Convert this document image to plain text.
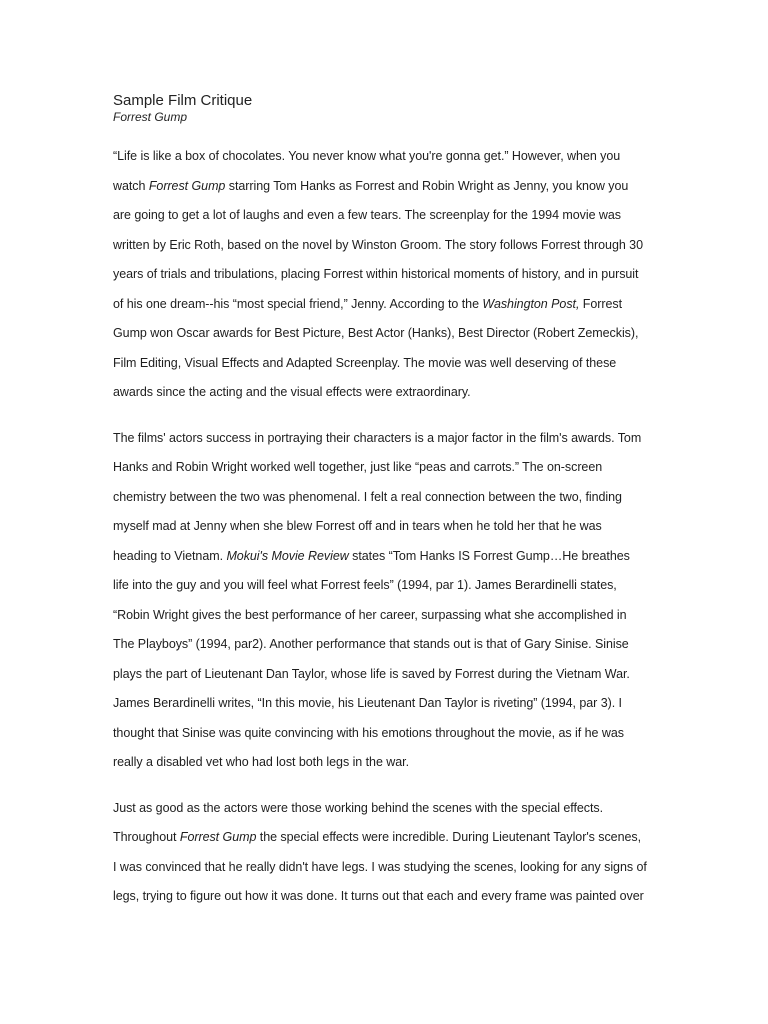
Sample Film Critique
Forrest Gump

“Life is like a box of chocolates. You never know what you're gonna get.” However, when you
watch Forrest Gump starring Tom Hanks as Forrest and Robin Wright as Jenny, you know you
are going to get a lot of laughs and even a few tears. The screenplay for the 1994 movie was
written by Eric Roth, based on the novel by Winston Groom. The story follows Forrest through 30
years of trials and tribulations, placing Forrest within historical moments of history, and in pursuit
of his one dream--his “most special friend,” Jenny. According to the Washington Post, Forrest
Gump won Oscar awards for Best Picture, Best Actor (Hanks), Best Director (Robert Zemeckis),
Film Editing, Visual Effects and Adapted Screenplay. The movie was well deserving of these
awards since the acting and the visual effects were extraordinary.

The films' actors success in portraying their characters is a major factor in the film's awards. Tom
Hanks and Robin Wright worked well together, just like “peas and carrots.” The on-screen
chemistry between the two was phenomenal. I felt a real connection between the two, finding
myself mad at Jenny when she blew Forrest off and in tears when he told her that he was
heading to Vietnam. Mokui's Movie Review states “Tom Hanks IS Forrest Gump…He breathes
life into the guy and you will feel what Forrest feels” (1994, par 1). James Berardinelli states,
“Robin Wright gives the best performance of her career, surpassing what she accomplished in
The Playboys” (1994, par2). Another performance that stands out is that of Gary Sinise. Sinise
plays the part of Lieutenant Dan Taylor, whose life is saved by Forrest during the Vietnam War.
James Berardinelli writes, “In this movie, his Lieutenant Dan Taylor is riveting” (1994, par 3). I
thought that Sinise was quite convincing with his emotions throughout the movie, as if he was
really a disabled vet who had lost both legs in the war.

Just as good as the actors were those working behind the scenes with the special effects.
Throughout Forrest Gump the special effects were incredible. During Lieutenant Taylor's scenes,
I was convinced that he really didn't have legs. I was studying the scenes, looking for any signs of
legs, trying to figure out how it was done. It turns out that each and every frame was painted over
